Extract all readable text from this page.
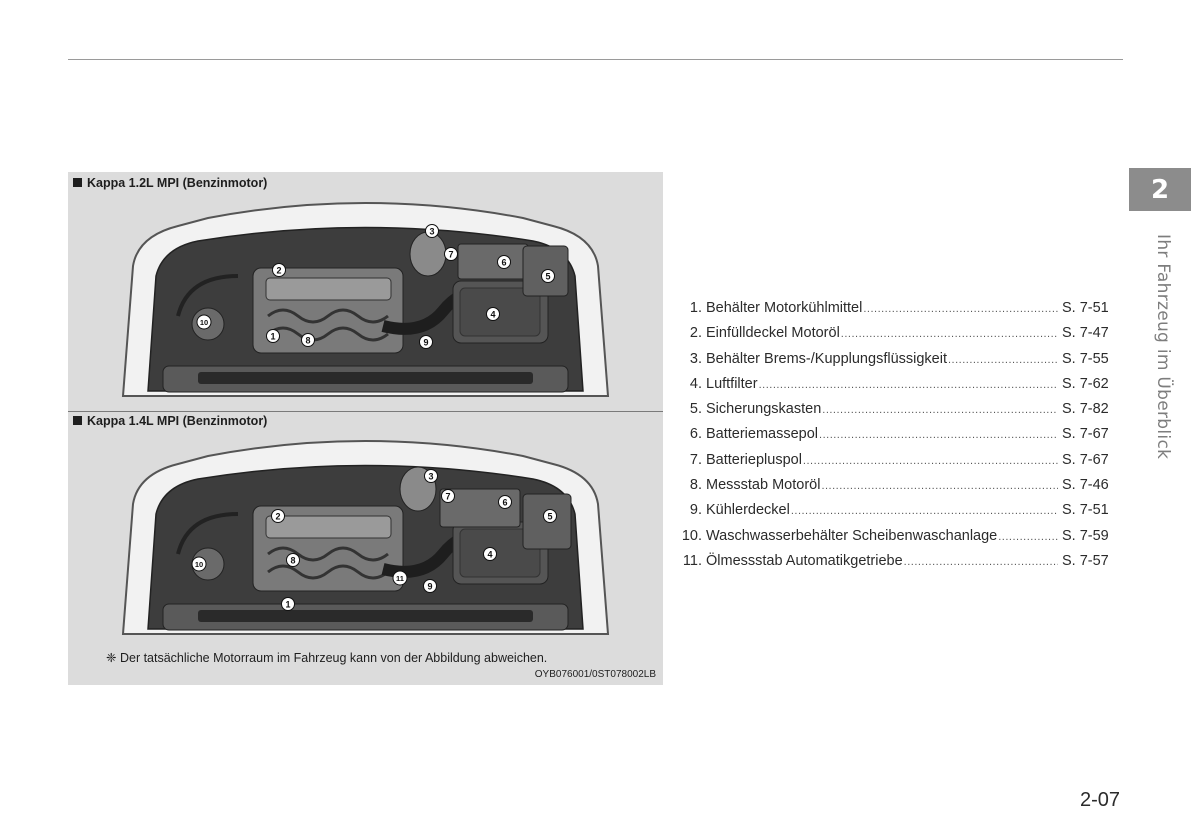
2
Ihr Fahrzeug im Überblick
Kappa 1.2L MPI (Benzinmotor)
1
2
3
4
5
6
7
8	9
10
Kappa 1.4L MPI (Benzinmotor)
1
2
3
4
5
6
7
8
9
10
11
❈ Der tatsächliche Motorraum im Fahrzeug kann von der Abbildung abweichen.
OYB076001/0ST078002LB
1. Behälter Motorkühlmittel .....	S. 7-51
2. Einfülldeckel Motoröl .....	S. 7-47
3. Behälter Brems-/Kupplungsflüssigkeit .....	S. 7-55
4. Luftfilter .....	S. 7-62
5. Sicherungskasten .....	S. 7-82
6. Batteriemassepol .....	S. 7-67
7. Batteriepluspol .....	S. 7-67
8. Messstab Motoröl .....	S. 7-46
9. Kühlerdeckel .....	S. 7-51
10. Waschwasserbehälter Scheibenwaschanlage .....	S. 7-59
11. Ölmessstab Automatikgetriebe .....	S. 7-57
2-07
